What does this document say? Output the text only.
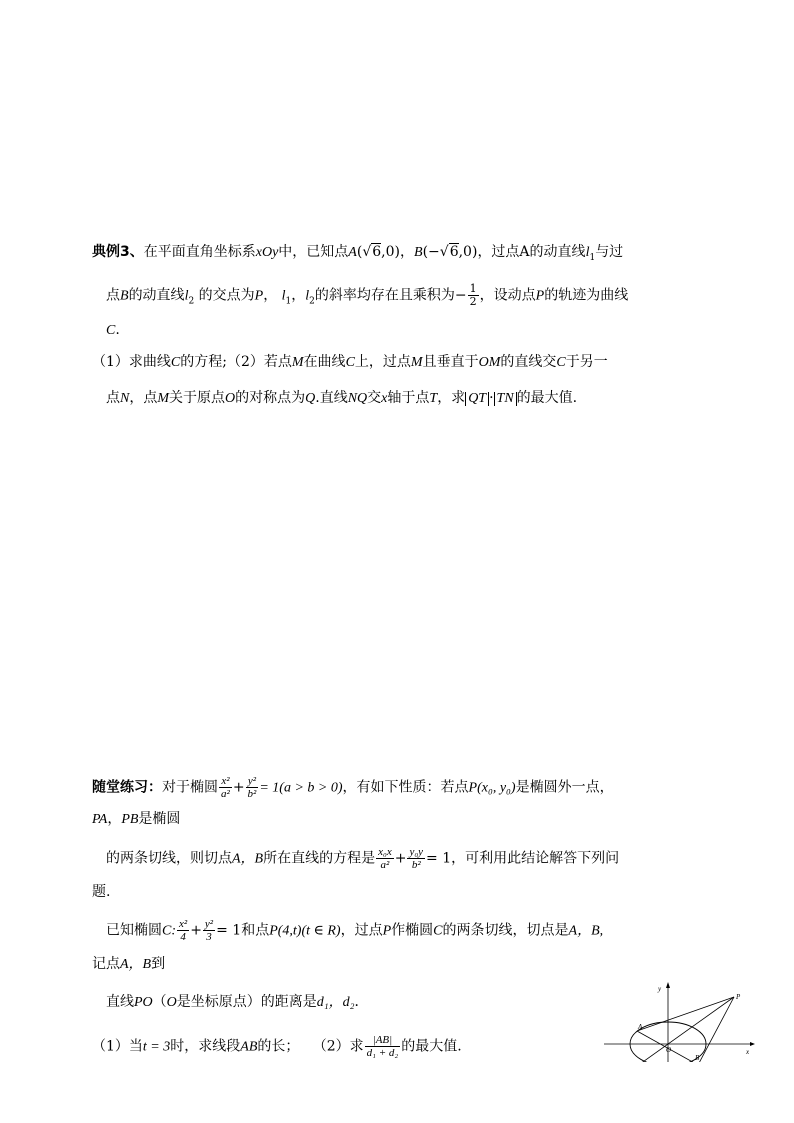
典例3、在平面直角坐标系xOy中，已知点A(√6,0)，B(−√6,0)，过点A的动直线$l_1$与过
点B的动直线$l_2$ 的交点为P， $l_1$，$l_2$的斜率均存在且乘积为− $\frac{1}{2}$ ，设动点P的轨迹为曲线
C.
（1）求曲线C的方程;（2）若点M在曲线C上，过点M且垂直于OM的直线交C于另一
点N，点M关于原点O的对称点为Q.直线NQ交x轴于点T，求 QT · TN 的最大值.
随堂练习：对于椭圆 $\frac{\text{x²}}{\text{a²}} + \frac{\text{y²}}{\text{b²}} = 1(a > b > 0)$，有如下性质：若点P(x₀, y₀)是椭圆外一点，
PA，PB是椭圆
的两条切线，则切点A，B所在直线的方程是 $\frac{\text{x₀x}}{\text{a²}} + \frac{\text{y₀y}}{\text{b²}} = 1$，可利用此结论解答下列问
题.
已知椭圆C: $\frac{\text{x²}}{4} + \frac{\text{y²}}{3} = 1$和点P(4,t)(t ∈ R)，过点P作椭圆C的两条切线，切点是A，B,
记点A，B到
直线PO（O是坐标原点）的距离是d₁，d₂．
（1）当t = 3时，求线段AB的长； （2）求 $\frac{|AB|}{\text{d₁ + d₂}}$ 的最大值.
y
x
P
A
O
B
